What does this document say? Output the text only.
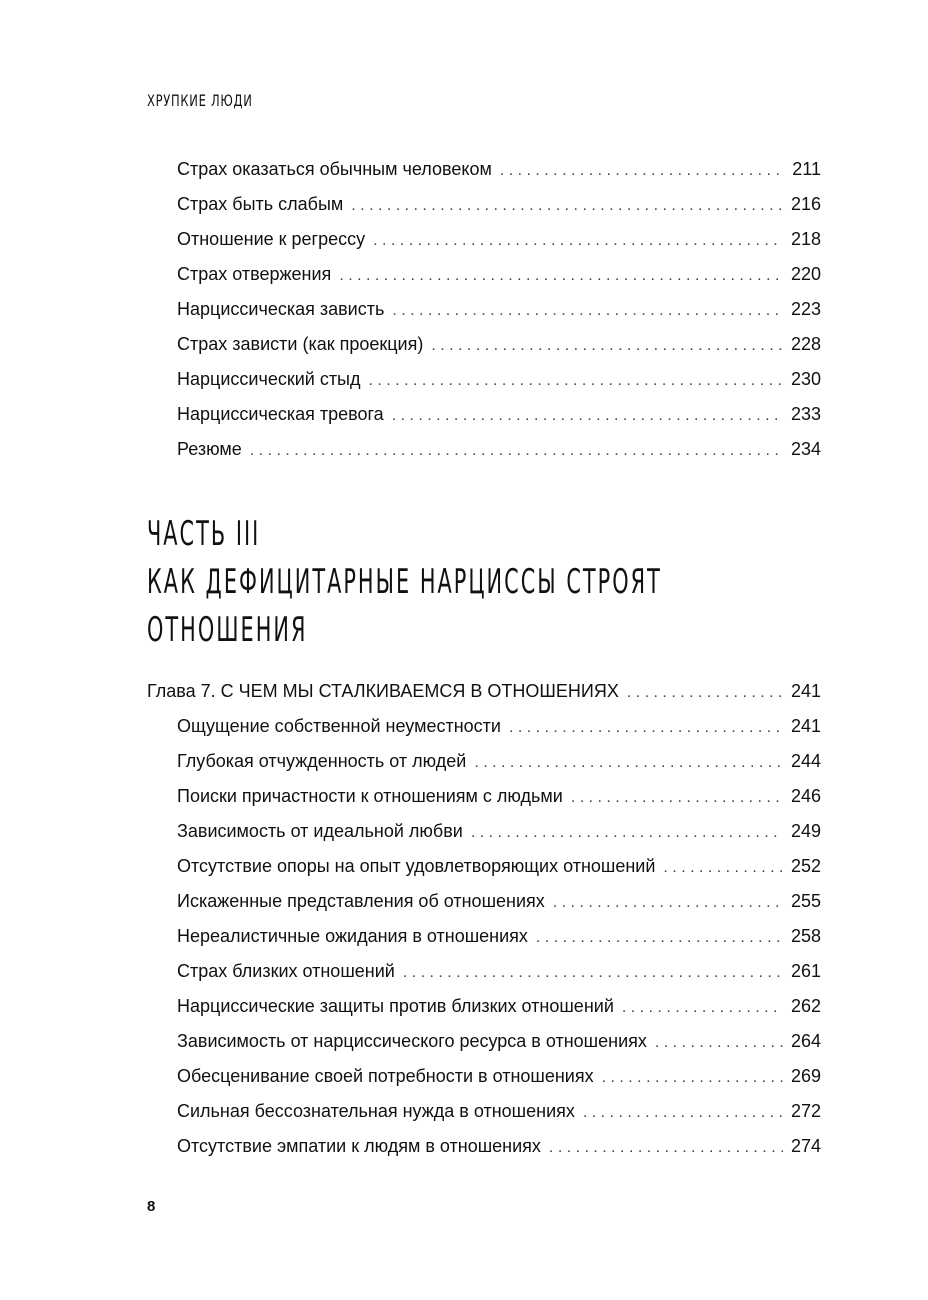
ХРУПКИЕ ЛЮДИ
Страх оказаться обычным человеком . . .	211
Страх быть слабым . . .	216
Отношение к регрессу . . .	218
Страх отвержения . . .	220
Нарциссическая зависть . . .	223
Страх зависти (как проекция) . . .	228
Нарциссический стыд . . .	230
Нарциссическая тревога . . .	233
Резюме . . .	234
ЧАСТЬ III
КАК ДЕФИЦИТАРНЫЕ НАРЦИССЫ СТРОЯТ
ОТНОШЕНИЯ
Глава 7. С ЧЕМ МЫ СТАЛКИВАЕМСЯ В ОТНОШЕНИЯХ . . .	241
Ощущение собственной неуместности . . .	241
Глубокая отчужденность от людей . . .	244
Поиски причастности к отношениям с людьми . . .	246
Зависимость от идеальной любви . . .	249
Отсутствие опоры на опыт удовлетворяющих отношений . . .	252
Искаженные представления об отношениях . . .	255
Нереалистичные ожидания в отношениях . . .	258
Страх близких отношений . . .	261
Нарциссические защиты против близких отношений . . .	262
Зависимость от нарциссического ресурса в отношениях . . .	264
Обесценивание своей потребности в отношениях . . .	269
Сильная бессознательная нужда в отношениях . . .	272
Отсутствие эмпатии к людям в отношениях . . .	274
8
